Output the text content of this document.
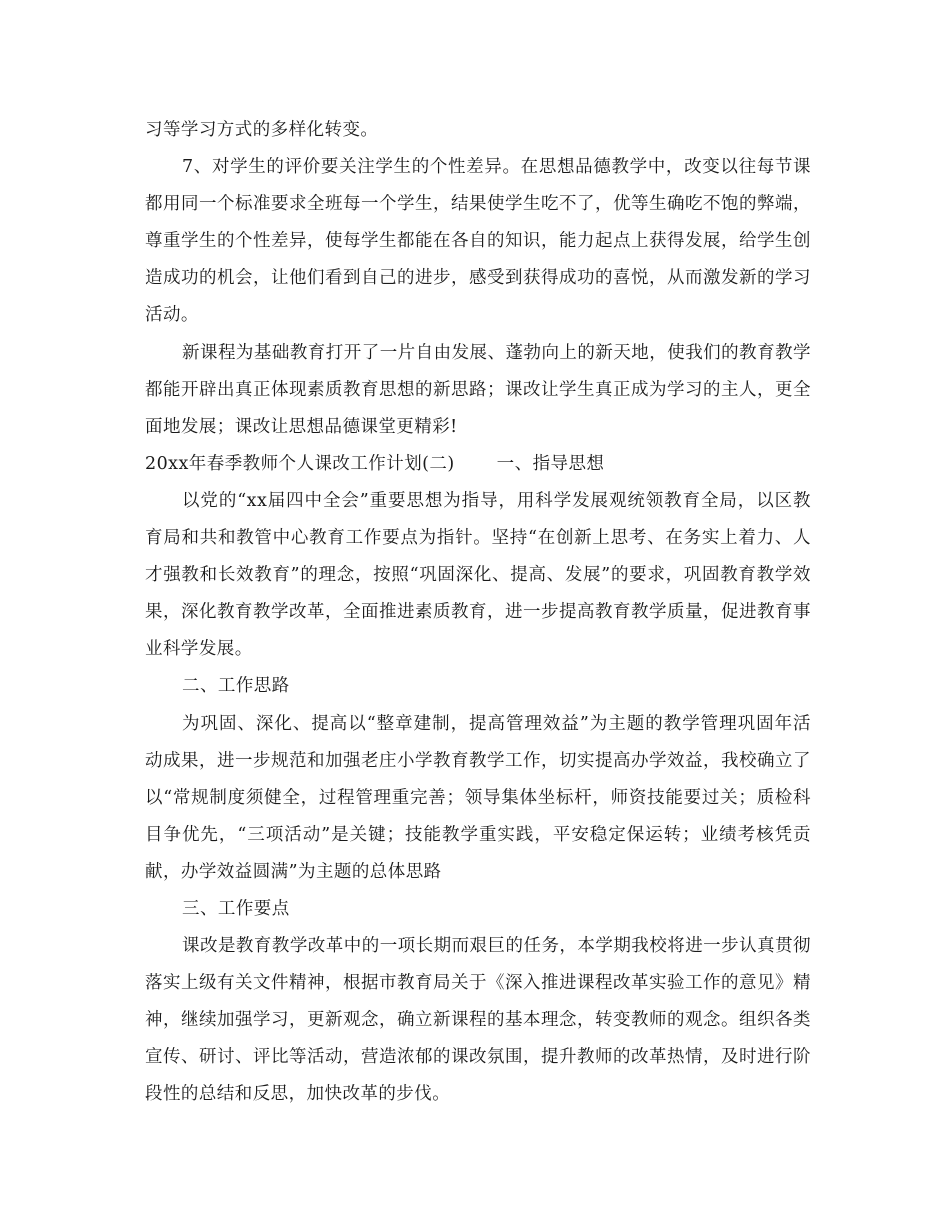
习等学习方式的多样化转变。

7、对学生的评价要关注学生的个性差异。在思想品德教学中，改变以往每节课都用同一个标准要求全班每一个学生，结果使学生吃不了，优等生确吃不饱的弊端，尊重学生的个性差异，使每学生都能在各自的知识，能力起点上获得发展，给学生创造成功的机会，让他们看到自己的进步，感受到获得成功的喜悦，从而激发新的学习活动。

新课程为基础教育打开了一片自由发展、蓬勃向上的新天地，使我们的教育教学都能开辟出真正体现素质教育思想的新思路；课改让学生真正成为学习的主人，更全面地发展；课改让思想品德课堂更精彩!

20xx年春季教师个人课改工作计划(二) 一、指导思想

以党的“xx届四中全会”重要思想为指导，用科学发展观统领教育全局，以区教育局和共和教管中心教育工作要点为指针。坚持“在创新上思考、在务实上着力、人才强教和长效教育”的理念，按照“巩固深化、提高、发展”的要求，巩固教育教学效果，深化教育教学改革，全面推进素质教育，进一步提高教育教学质量，促进教育事业科学发展。

二、工作思路

为巩固、深化、提高以“整章建制，提高管理效益”为主题的教学管理巩固年活动成果，进一步规范和加强老庄小学教育教学工作，切实提高办学效益，我校确立了以“常规制度须健全，过程管理重完善；领导集体坐标杆，师资技能要过关；质检科目争优先，“三项活动”是关键；技能教学重实践，平安稳定保运转；业绩考核凭贡献，办学效益圆满”为主题的总体思路

三、工作要点

课改是教育教学改革中的一项长期而艰巨的任务，本学期我校将进一步认真贯彻落实上级有关文件精神，根据市教育局关于《深入推进课程改革实验工作的意见》精神，继续加强学习，更新观念，确立新课程的基本理念，转变教师的观念。组织各类宣传、研讨、评比等活动，营造浓郁的课改氛围，提升教师的改革热情，及时进行阶段性的总结和反思，加快改革的步伐。
